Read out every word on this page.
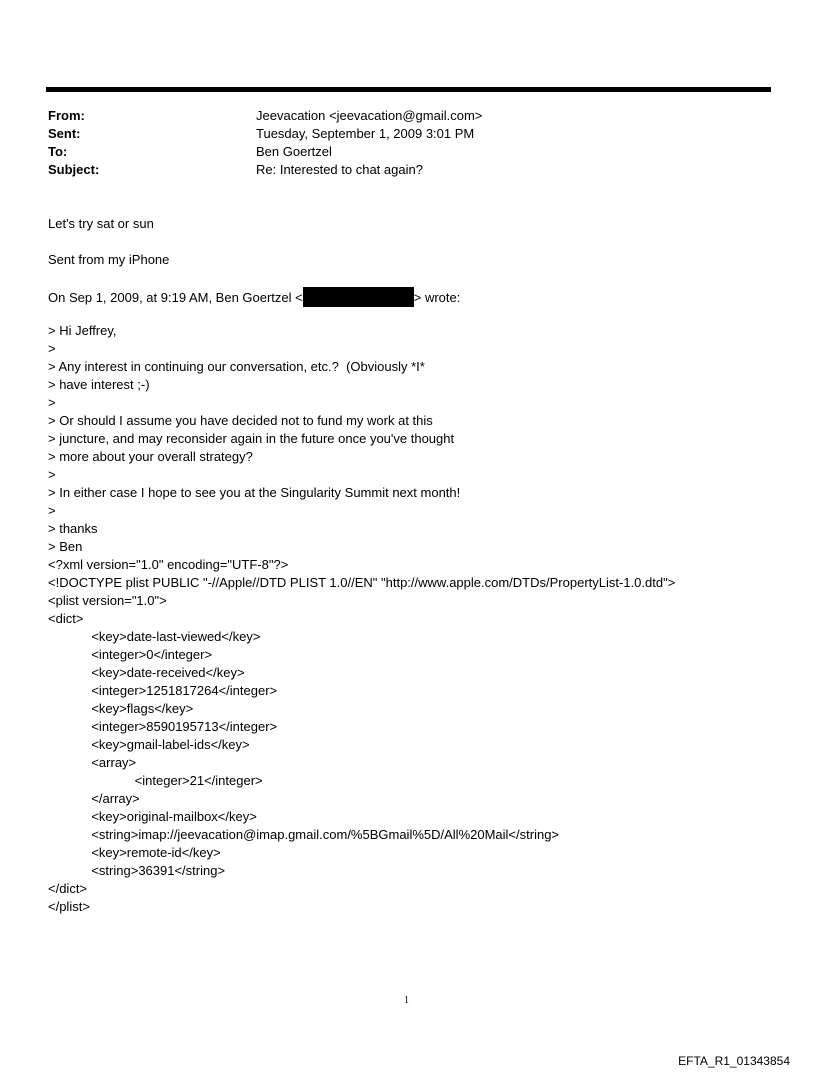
From:	Jeevacation <jeevacation@gmail.com>
Sent:	Tuesday, September 1, 2009 3:01 PM
To:	Ben Goertzel
Subject:	Re: Interested to chat again?
Let's try sat or sun
Sent from my iPhone
On Sep 1, 2009, at 9:19 AM, Ben Goertzel <	> wrote:
> Hi Jeffrey,
>
> Any interest in continuing our conversation, etc.?  (Obviously *I*
> have interest ;-)
>
> Or should I assume you have decided not to fund my work at this
> juncture, and may reconsider again in the future once you've thought
> more about your overall strategy?
>
> In either case I hope to see you at the Singularity Summit next month!
>
> thanks
> Ben
<?xml version="1.0" encoding="UTF-8"?>
<!DOCTYPE plist PUBLIC "-//Apple//DTD PLIST 1.0//EN" "http://www.apple.com/DTDs/PropertyList-1.0.dtd">
<plist version="1.0">
<dict>
<key>date-last-viewed</key>
<integer>0</integer>
<key>date-received</key>
<integer>1251817264</integer>
<key>flags</key>
<integer>8590195713</integer>
<key>gmail-label-ids</key>
<array>
<integer>21</integer>
</array>
<key>original-mailbox</key>
<string>imap://jeevacation@imap.gmail.com/%5BGmail%5D/All%20Mail</string>
<key>remote-id</key>
<string>36391</string>
</dict>
</plist>
1
EFTA_R1_01343854
